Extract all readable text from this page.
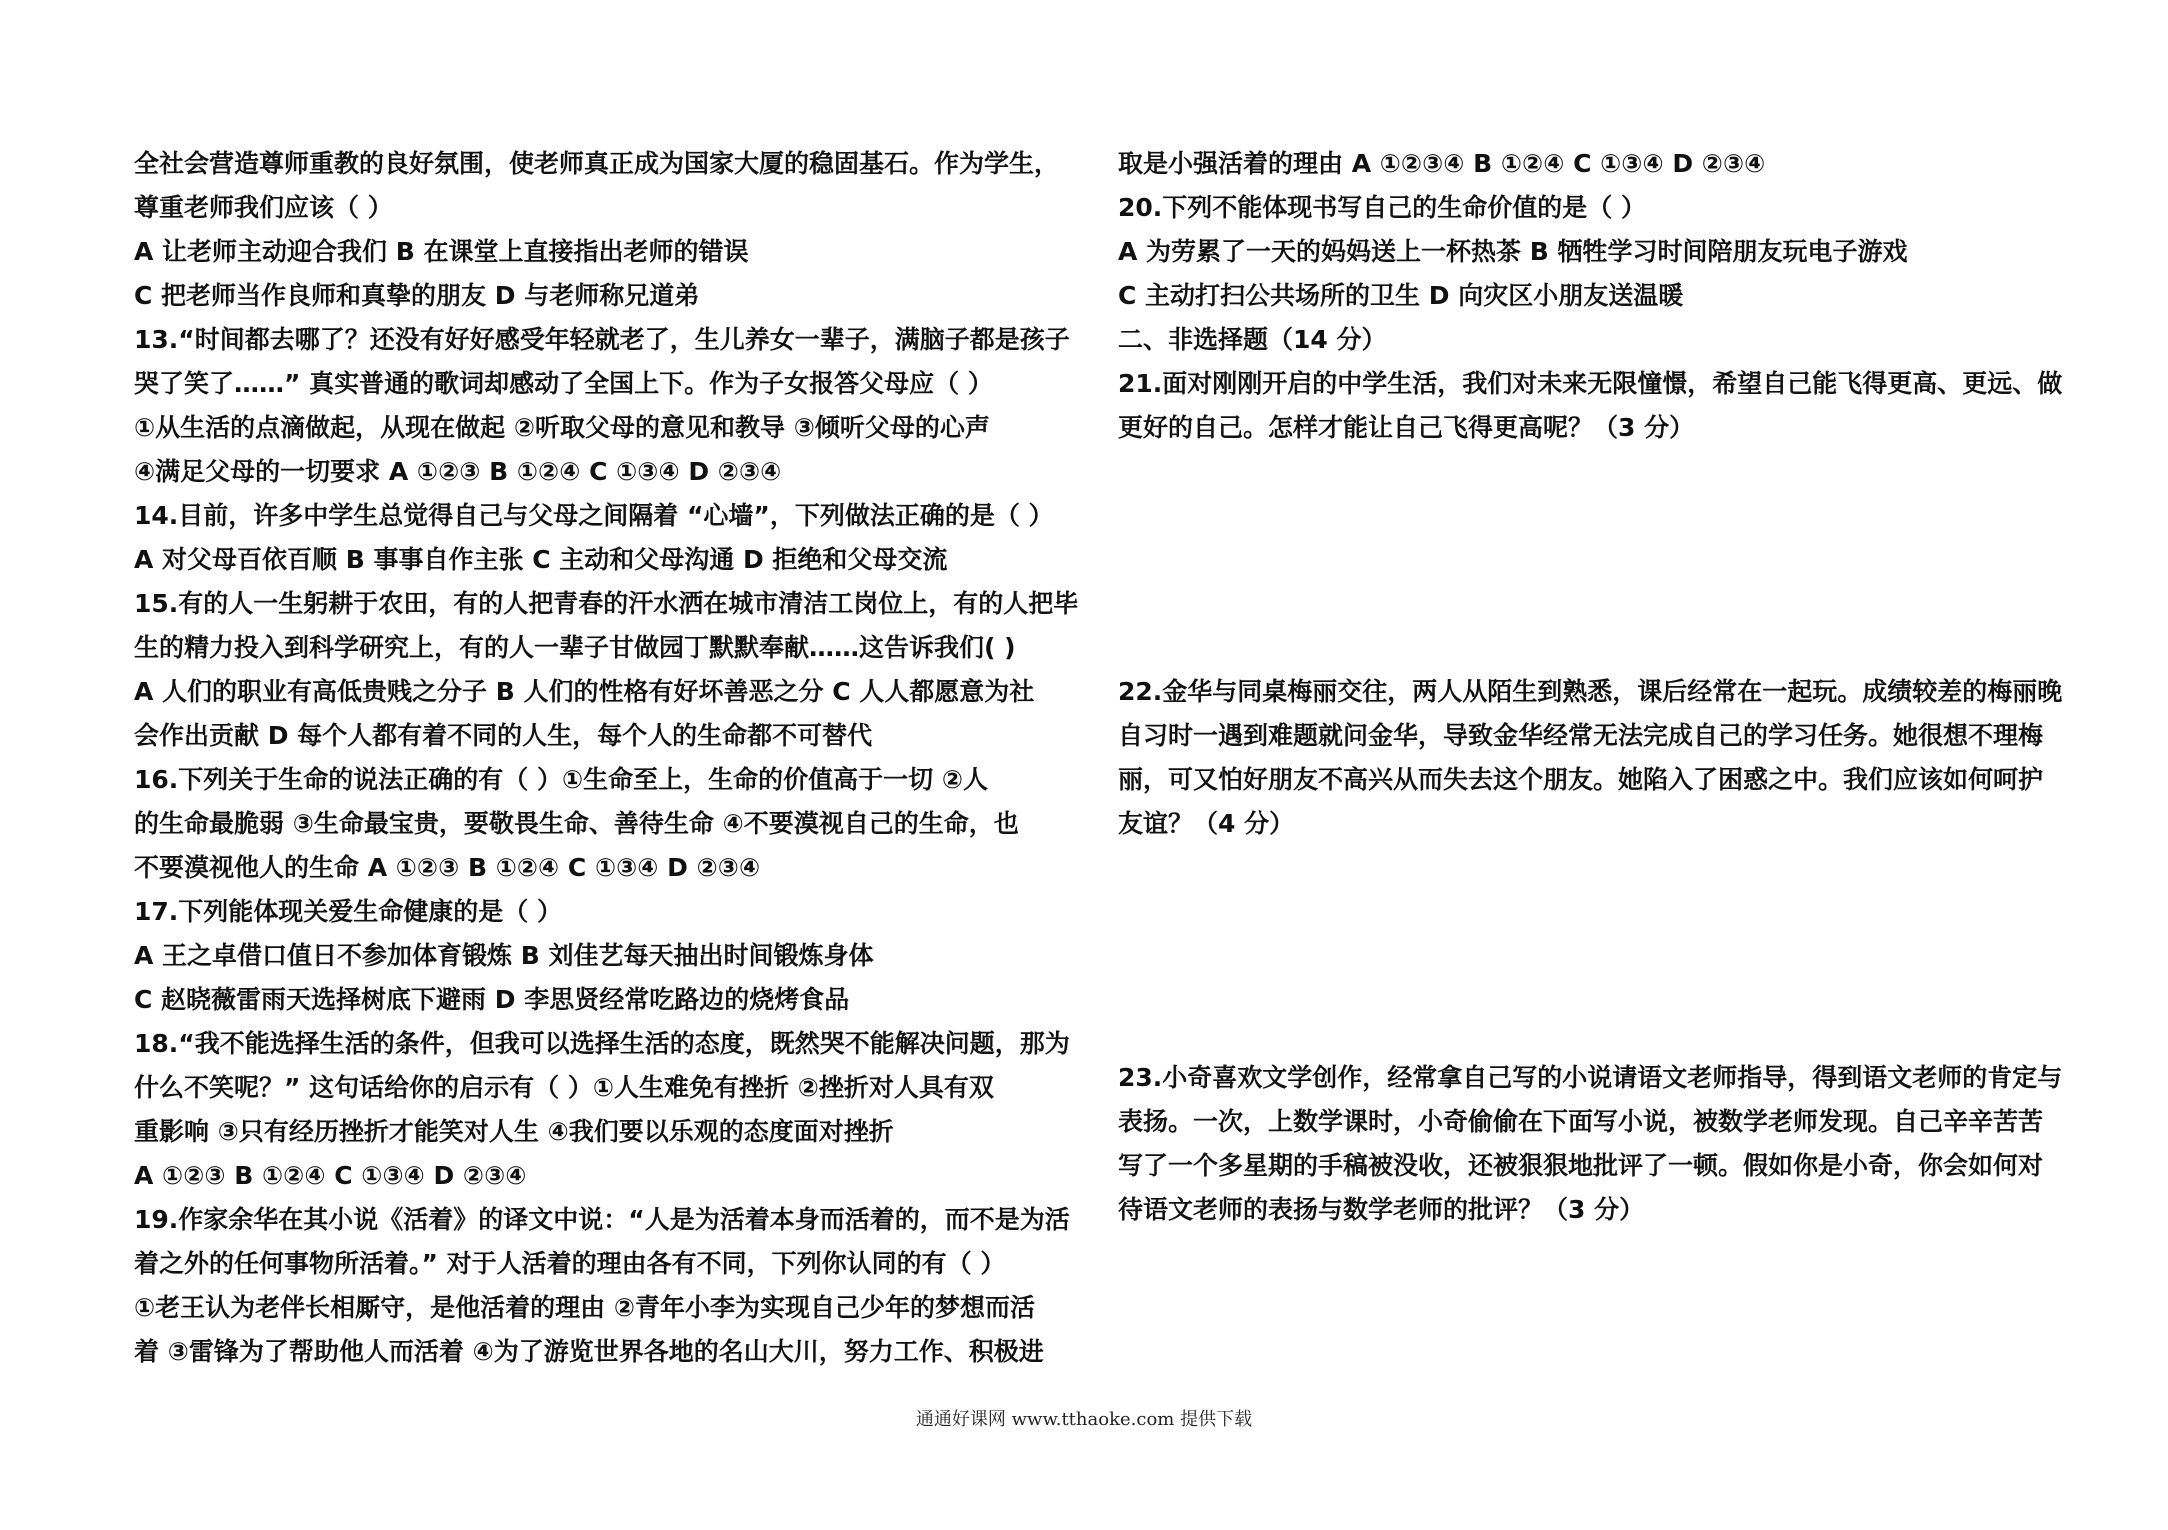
全社会营造尊师重教的良好氛围，使老师真正成为国家大厦的稳固基石。作为学生，
尊重老师我们应该（ ）
A 让老师主动迎合我们 B 在课堂上直接指出老师的错误
C 把老师当作良师和真挚的朋友 D 与老师称兄道弟
13.“时间都去哪了？还没有好好感受年轻就老了，生儿养女一辈子，满脑子都是孩子
哭了笑了……” 真实普通的歌词却感动了全国上下。作为子女报答父母应（ ）
①从生活的点滴做起，从现在做起 ②听取父母的意见和教导 ③倾听父母的心声
④满足父母的一切要求 A ①②③ B ①②④ C ①③④ D ②③④
14.目前，许多中学生总觉得自己与父母之间隔着 “心墙”，下列做法正确的是（ ）
A 对父母百依百顺 B 事事自作主张 C 主动和父母沟通 D 拒绝和父母交流
15.有的人一生躬耕于农田，有的人把青春的汗水洒在城市清洁工岗位上，有的人把毕
生的精力投入到科学研究上，有的人一辈子甘做园丁默默奉献……这告诉我们( )
A 人们的职业有高低贵贱之分子 B 人们的性格有好坏善恶之分 C 人人都愿意为社
会作出贡献 D 每个人都有着不同的人生，每个人的生命都不可替代
16.下列关于生命的说法正确的有（ ）①生命至上，生命的价值高于一切 ②人
的生命最脆弱 ③生命最宝贵，要敬畏生命、善待生命 ④不要漠视自己的生命，也
不要漠视他人的生命 A ①②③ B ①②④ C ①③④ D ②③④
17.下列能体现关爱生命健康的是（ ）
A 王之卓借口值日不参加体育锻炼 B 刘佳艺每天抽出时间锻炼身体
C 赵晓薇雷雨天选择树底下避雨 D 李思贤经常吃路边的烧烤食品
18.“我不能选择生活的条件，但我可以选择生活的态度，既然哭不能解决问题，那为
什么不笑呢？” 这句话给你的启示有（ ）①人生难免有挫折 ②挫折对人具有双
重影响 ③只有经历挫折才能笑对人生 ④我们要以乐观的态度面对挫折
A ①②③ B ①②④ C ①③④ D ②③④
19.作家余华在其小说《活着》的译文中说：“人是为活着本身而活着的，而不是为活
着之外的任何事物所活着。” 对于人活着的理由各有不同，下列你认同的有（ ）
①老王认为老伴长相厮守，是他活着的理由 ②青年小李为实现自己少年的梦想而活
着 ③雷锋为了帮助他人而活着 ④为了游览世界各地的名山大川，努力工作、积极进
取是小强活着的理由 A ①②③④ B ①②④ C ①③④ D ②③④
20.下列不能体现书写自己的生命价值的是（ ）
A 为劳累了一天的妈妈送上一杯热茶 B 牺牲学习时间陪朋友玩电子游戏
C 主动打扫公共场所的卫生 D 向灾区小朋友送温暖
二、非选择题（14 分）
21.面对刚刚开启的中学生活，我们对未来无限憧憬，希望自己能飞得更高、更远、做
更好的自己。怎样才能让自己飞得更高呢？（3 分）
22.金华与同桌梅丽交往，两人从陌生到熟悉，课后经常在一起玩。成绩较差的梅丽晚
自习时一遇到难题就问金华，导致金华经常无法完成自己的学习任务。她很想不理梅
丽，可又怕好朋友不高兴从而失去这个朋友。她陷入了困惑之中。我们应该如何呵护
友谊？（4 分）
23.小奇喜欢文学创作，经常拿自己写的小说请语文老师指导，得到语文老师的肯定与
表扬。一次，上数学课时，小奇偷偷在下面写小说，被数学老师发现。自己辛辛苦苦
写了一个多星期的手稿被没收，还被狠狠地批评了一顿。假如你是小奇，你会如何对
待语文老师的表扬与数学老师的批评？（3 分）
通通好课网 www.tthaoke.com 提供下载
